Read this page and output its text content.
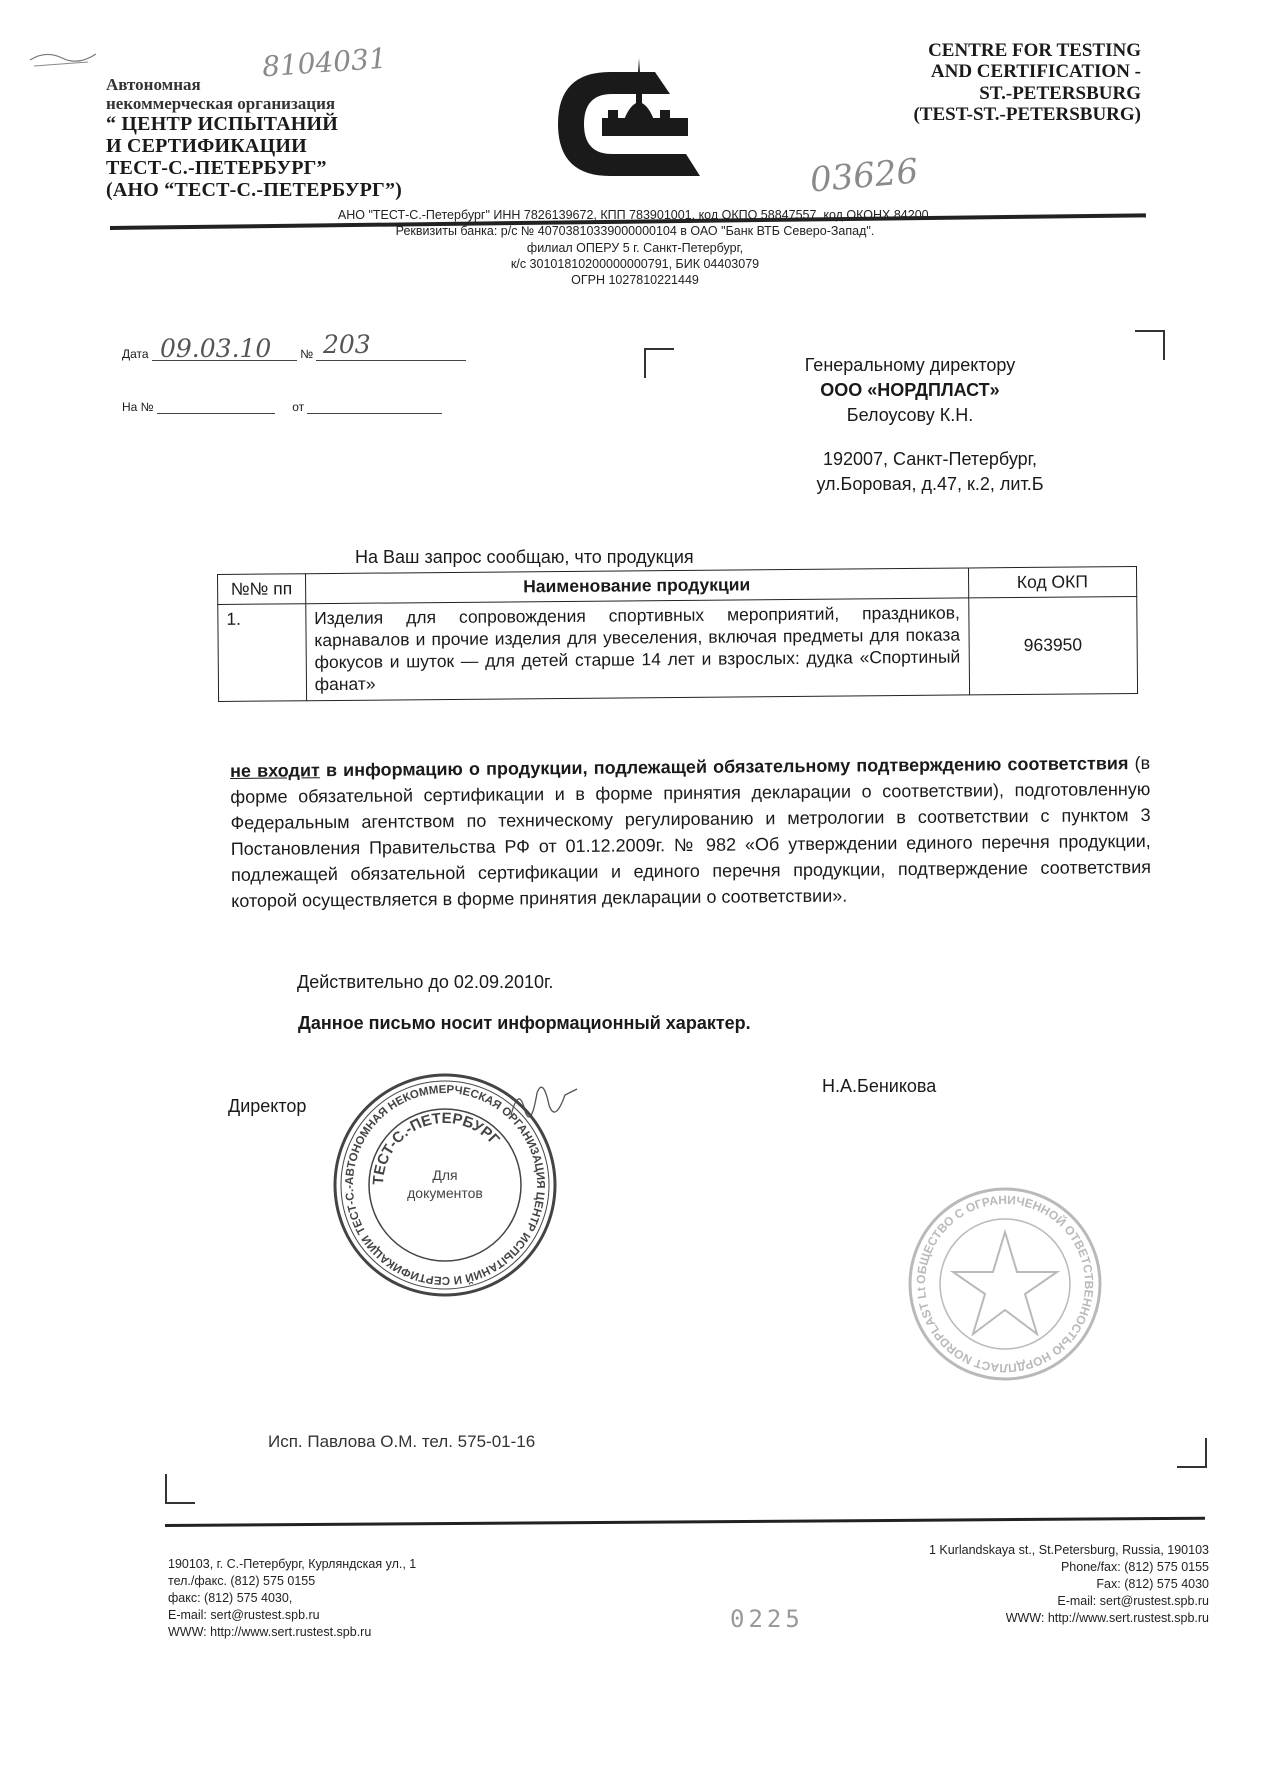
Автономная
некоммерческая организация
“ ЦЕНТР ИСПЫТАНИЙ
И СЕРТИФИКАЦИИ
ТЕСТ-С.-ПЕТЕРБУРГ”
(АНО “ТЕСТ-С.-ПЕТЕРБУРГ”)
8104031
03626
CENTRE FOR TESTING
AND CERTIFICATION -
ST.-PETERSBURG
(TEST-ST.-PETERSBURG)
АНО "ТЕСТ-С.-Петербург" ИНН 7826139672, КПП 783901001, код ОКПО 58847557, код ОКОНХ 84200.
Реквизиты банка: р/с № 40703810339000000104 в ОАО "Банк ВТБ Северо-Запад".
филиал ОПЕРУ 5 г. Санкт-Петербург,
к/с 30101810200000000791, БИК 04403079
ОГРН 1027810221449
Дата	№
09.03.10 203
На №	от
Генеральному директору
ООО «НОРДПЛАСТ»
Белоусову К.Н.
192007, Санкт-Петербург,
ул.Боровая, д.47, к.2, лит.Б
На Ваш запрос сообщаю, что продукция
№№ пп	Наименование продукции	Код ОКП
1.	Изделия для сопровождения спортивных мероприятий, праздников, карнавалов и прочие изделия для увеселения, включая предметы для показа фокусов и шуток — для детей старше 14 лет и взрослых: дудка «Спортиный фанат»	963950
не входит в информацию о продукции, подлежащей обязательному подтверждению соответствия (в форме обязательной сертификации и в форме принятия декларации о соответствии), подготовленную Федеральным агентством по техническому регулированию и метрологии в соответствии с пунктом 3 Постановления Правительства РФ от 01.12.2009г. № 982 «Об утверждении единого перечня продукции, подлежащей обязательной сертификации и единого перечня продукции, подтверждение соответствия которой осуществляется в форме принятия декларации о соответствии».
Действительно до 02.09.2010г.
Данное письмо носит информационный характер.
Директор
Н.А.Беникова
АВТОНОМНАЯ НЕКОММЕРЧЕСКАЯ ОРГАНИЗАЦИЯ ЦЕНТР ИСПЫТАНИЙ И СЕРТИФИКАЦИИ ТЕСТ-С.-
ТЕСТ-С.-ПЕТЕРБУРГ
Для
документов
ОБЩЕСТВО С ОГРАНИЧЕННОЙ ОТВЕТСТВЕННОСТЬЮ НОРДПЛАСТ NORDPLAST Lt
Исп. Павлова О.М. тел. 575-01-16
190103, г. С.-Петербург, Курляндская ул., 1
тел./факс. (812) 575 0155
факс: (812) 575 4030,
E-mail: sert@rustest.spb.ru
WWW: http://www.sert.rustest.spb.ru
1 Kurlandskaya st., St.Petersburg, Russia, 190103
Phone/fax: (812) 575 0155
Fax: (812) 575 4030
E-mail: sert@rustest.spb.ru
WWW: http://www.sert.rustest.spb.ru
0225
